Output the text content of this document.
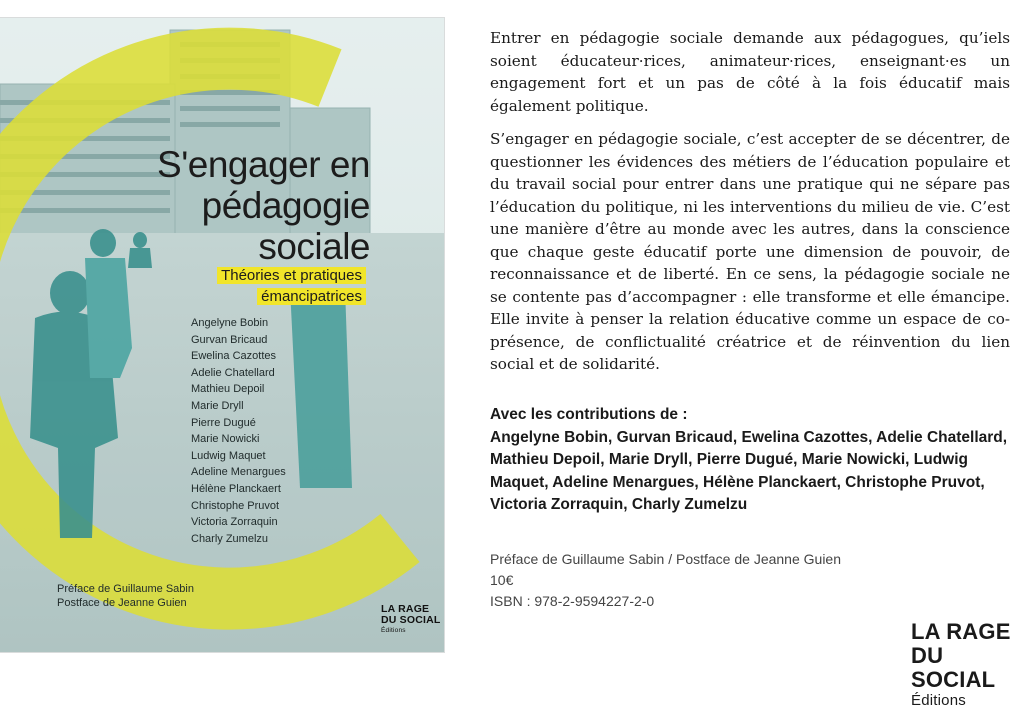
S'engager en
pédagogie
sociale
Théories et pratiques émancipatrices
Angelyne Bobin
Gurvan Bricaud
Ewelina Cazottes
Adelie Chatellard
Mathieu Depoil
Marie Dryll
Pierre Dugué
Marie Nowicki
Ludwig Maquet
Adeline Menargues
Hélène Planckaert
Christophe Pruvot
Victoria Zorraquin
Charly Zumelzu
Préface de Guillaume Sabin
Postface de Jeanne Guien	LA RAGE
DU SOCIAL
Éditions

Entrer en pédagogie sociale demande aux pédagogues, qu’iels soient éducateur·rices, animateur·rices, enseignant·es un engagement fort et un pas de côté à la fois éducatif mais également politique.

S’engager en pédagogie sociale, c’est accepter de se décentrer, de questionner les évidences des métiers de l’éducation populaire et du travail social pour entrer dans une pratique qui ne sépare pas l’éducation du politique, ni les interventions du milieu de vie. C’est une manière d’être au monde avec les autres, dans la conscience que chaque geste éducatif porte une dimension de pouvoir, de reconnaissance et de liberté. En ce sens, la pédagogie sociale ne se contente pas d’accompagner : elle transforme et elle émancipe. Elle invite à penser la relation éducative comme un espace de co-présence, de conflictualité créatrice et de réinvention du lien social et de solidarité.

Avec les contributions de :
Angelyne Bobin, Gurvan Bricaud, Ewelina Cazottes, Adelie Chatellard, Mathieu Depoil, Marie Dryll, Pierre Dugué, Marie Nowicki, Ludwig Maquet, Adeline Menargues, Hélène Planckaert, Christophe Pruvot, Victoria Zorraquin, Charly Zumelzu
Préface de Guillaume Sabin / Postface de Jeanne Guien
10€
ISBN : 978-2-9594227-2-0
LA RAGE
DU SOCIAL
Éditions
